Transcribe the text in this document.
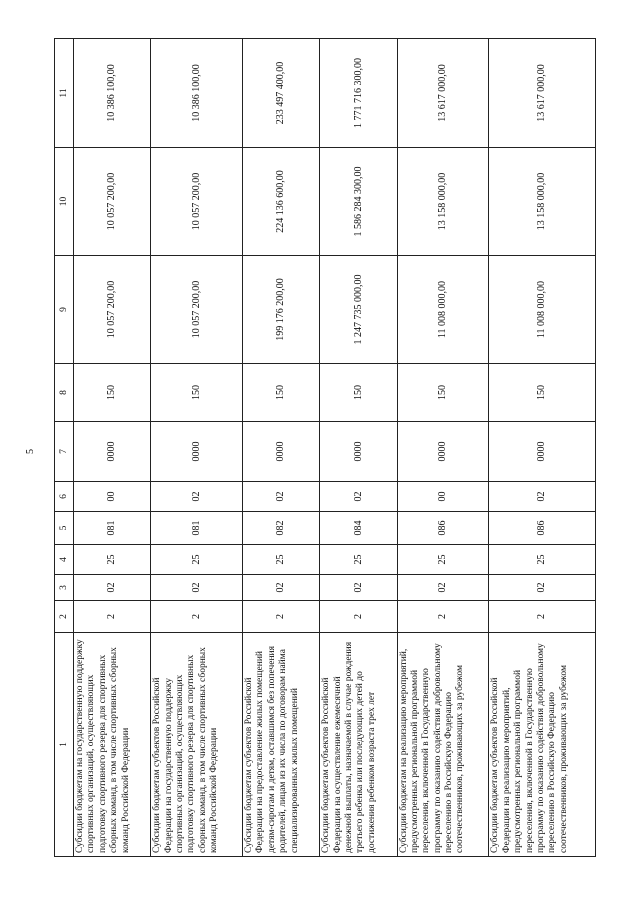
5
1	2	3	4	5	6	7	8	9	10	11
Субсидии бюджетам на государственную поддержку спортивных организаций, осуществляющих подготовку спортивного резерва для спортивных сборных команд, в том числе спортивных сборных команд Российской Федерации	2	02	25	081	00	0000	150	10 057 200,00	10 057 200,00	10 386 100,00
Субсидии бюджетам субъектов Российской Федерации на государственную поддержку спортивных организаций, осуществляющих подготовку спортивного резерва для спортивных сборных команд, в том числе спортивных сборных команд Российской Федерации	2	02	25	081	02	0000	150	10 057 200,00	10 057 200,00	10 386 100,00
Субсидии бюджетам субъектов Российской Федерации на предоставление жилых помещений детям-сиротам и детям, оставшимся без попечения родителей, лицам из их числа по договорам найма специализированных жилых помещений	2	02	25	082	02	0000	150	199 176 200,00	224 136 600,00	233 497 400,00
Субсидии бюджетам субъектов Российской Федерации на осуществление ежемесячной денежной выплаты, назначаемой в случае рождения третьего ребенка или последующих детей до достижения ребенком возраста трех лет	2	02	25	084	02	0000	150	1 247 735 000,00	1 586 284 300,00	1 771 716 300,00
Субсидии бюджетам на реализацию мероприятий, предусмотренных региональной программой переселения, включенной в Государственную программу по оказанию содействия добровольному переселению в Российскую Федерацию соотечественников, проживающих за рубежом	2	02	25	086	00	0000	150	11 008 000,00	13 158 000,00	13 617 000,00
Субсидии бюджетам субъектов Российской Федерации на реализацию мероприятий, предусмотренных региональной программой переселения, включенной в Государственную программу по оказанию содействия добровольному переселению в Российскую Федерацию соотечественников, проживающих за рубежом	2	02	25	086	02	0000	150	11 008 000,00	13 158 000,00	13 617 000,00
